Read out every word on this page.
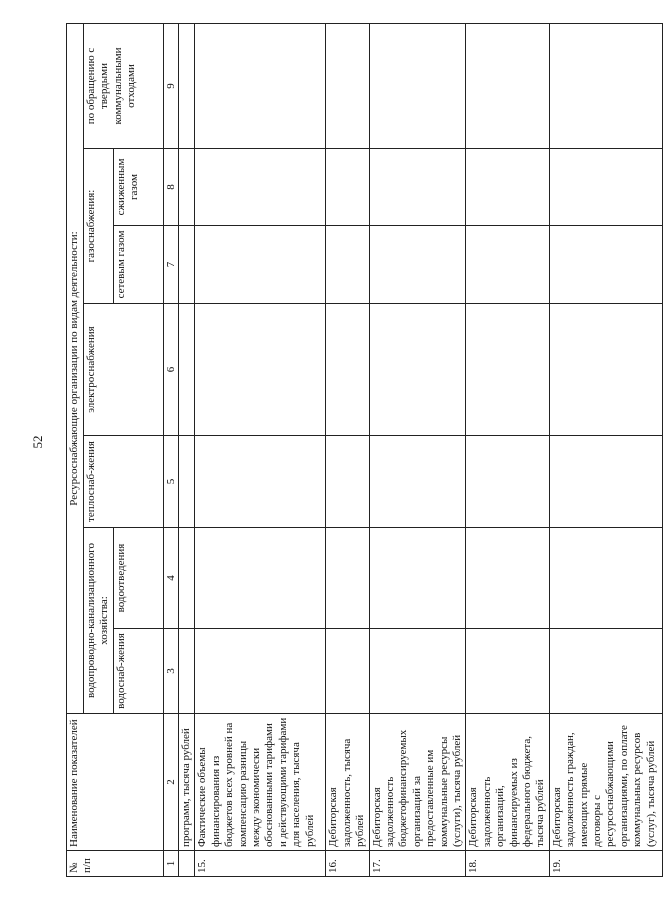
52
№ п/п	Наименование показателей	Ресурсоснабжающие организации по видам деятельности:						
		водопроводно-канализационного хозяйства:		теплоснаб-жения	электроснабжения	газоснабжения:		по обращению с твердыми коммунальными отходами
		водоснаб-жения	водоотведения			сетевым газом	сжиженным газом	
1	2	3	4	5	6	7	8	9
	программ, тысяча рублей							
15.	Фактические объемы финансирования из бюджетов всех уровней на компенсацию разницы между экономически обоснованными тарифами и действующими тарифами для населения, тысяча рублей							
16.	Дебиторская задолженность, тысяча рублей							
17.	Дебиторская задолженность бюджетофинансируемых организаций за предоставленные им коммунальные ресурсы (услуги), тысяча рублей							
18.	Дебиторская задолженность организаций, финансируемых из федерального бюджета, тысяча рублей							
19.	Дебиторская задолженность граждан, имеющих прямые договоры с ресурсоснабжающими организациями, по оплате коммунальных ресурсов (услуг), тысяча рублей							
